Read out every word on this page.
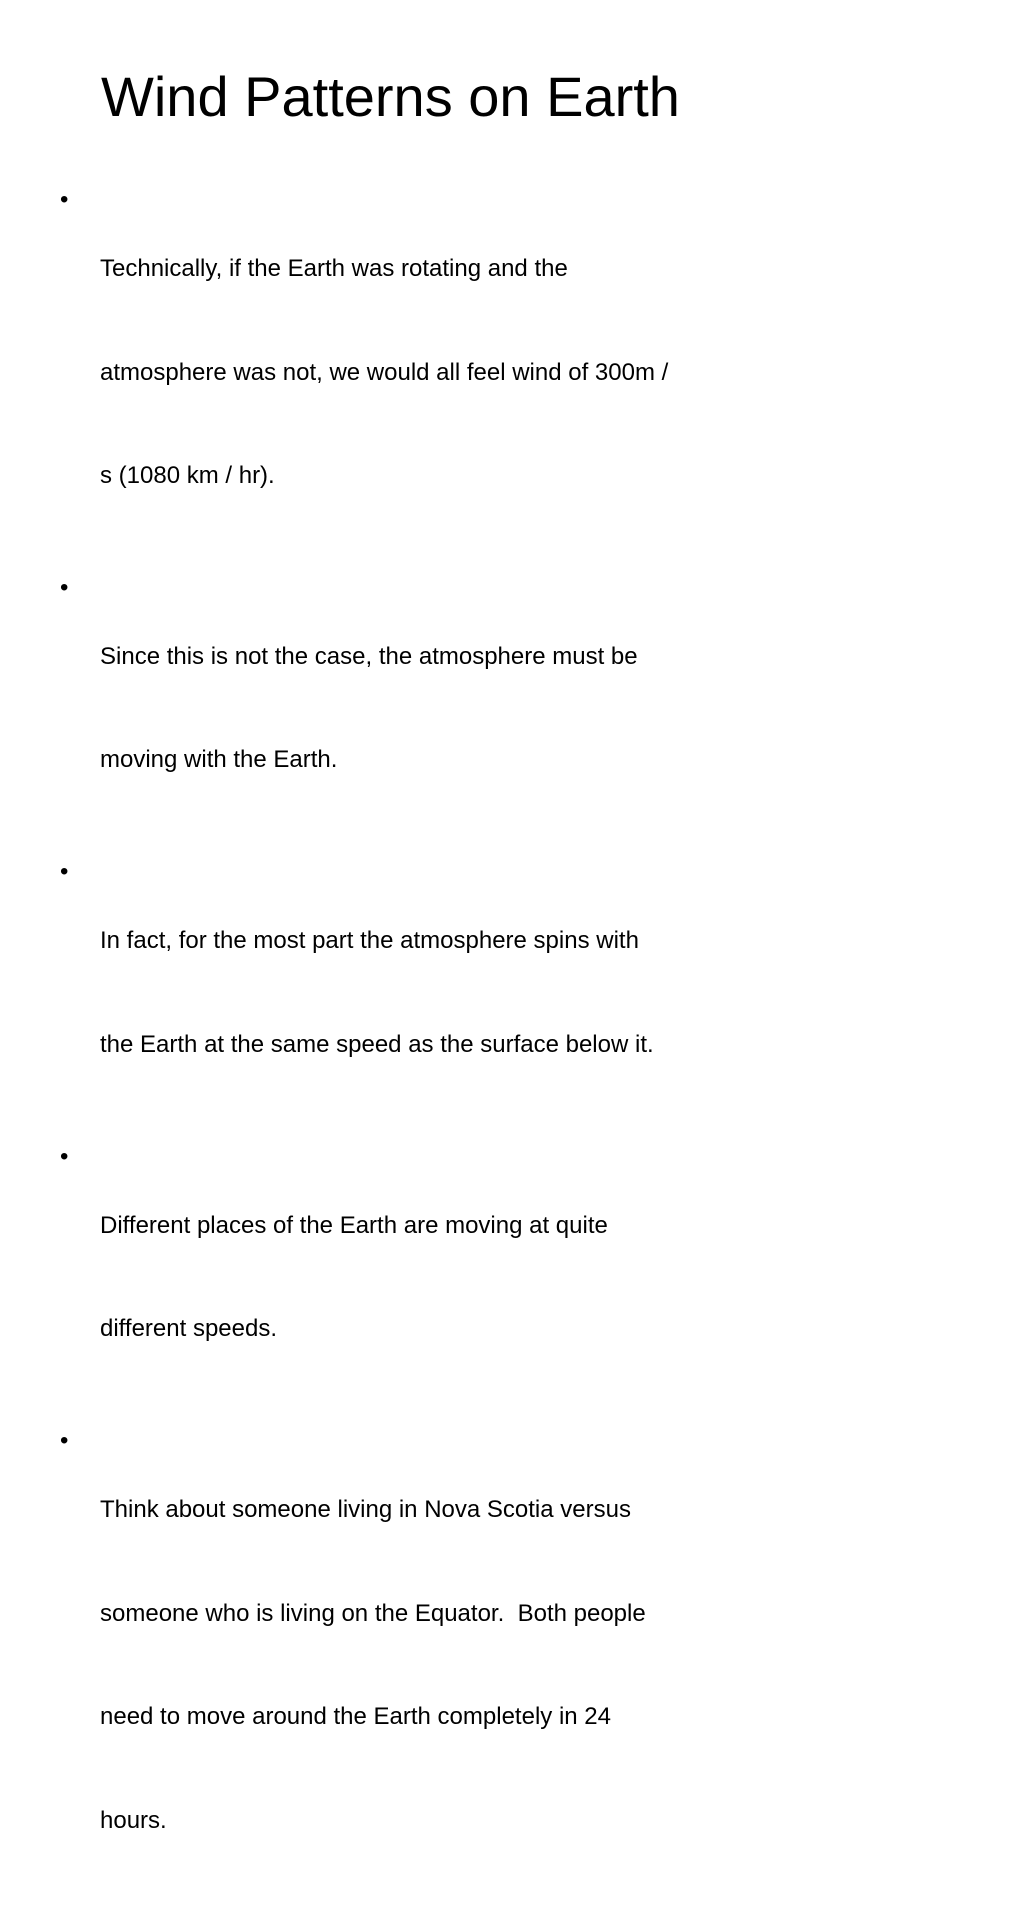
Wind Patterns on Earth
•

Technically, if the Earth was rotating and the

atmosphere was not, we would all feel wind of 300m /

s (1080 km / hr).

•

Since this is not the case, the atmosphere must be

moving with the Earth.

•

In fact, for the most part the atmosphere spins with

the Earth at the same speed as the surface below it.

•

Different places of the Earth are moving at quite

different speeds.

•

Think about someone living in Nova Scotia versus

someone who is living on the Equator.  Both people

need to move around the Earth completely in 24

hours.
